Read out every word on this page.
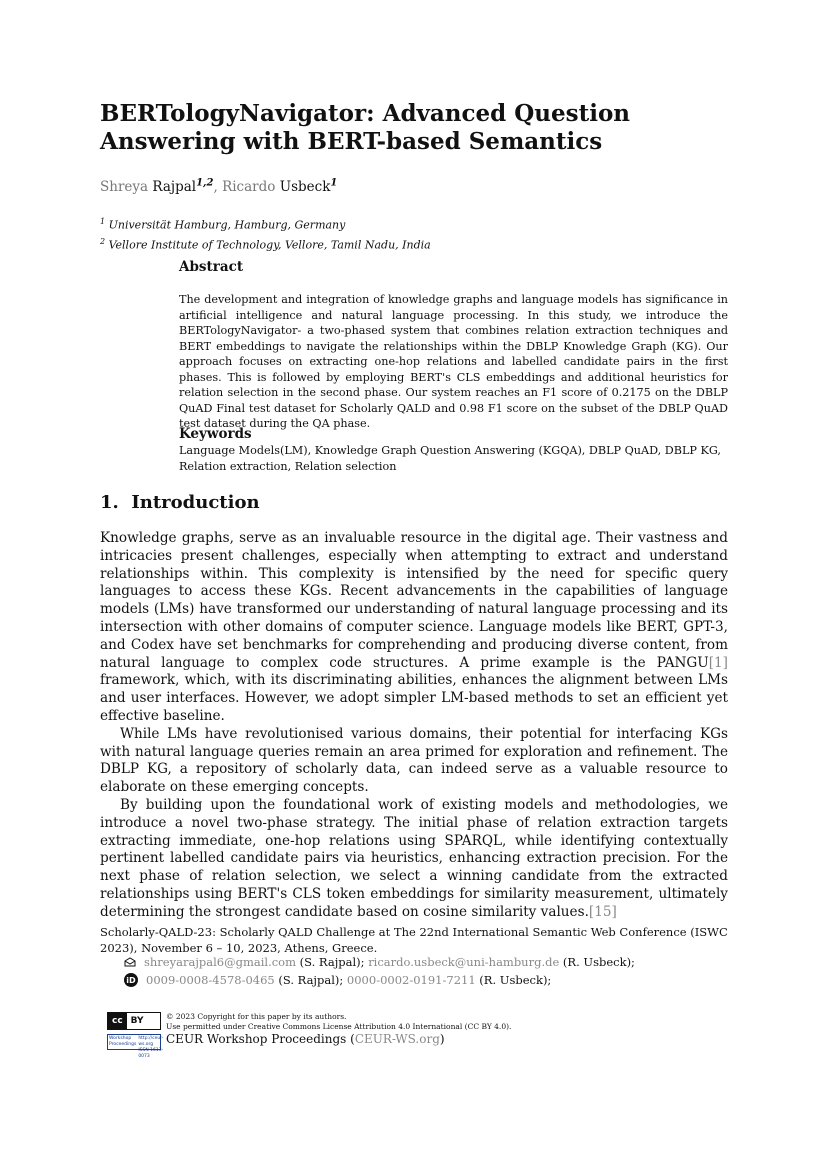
BERTologyNavigator: Advanced Question Answering with BERT-based Semantics
Shreya Rajpal$^{1,2}$, Ricardo Usbeck$^1$
$^1$ Universität Hamburg, Hamburg, Germany
$^2$ Vellore Institute of Technology, Vellore, Tamil Nadu, India
Abstract
The development and integration of knowledge graphs and language models has significance in artificial intelligence and natural language processing. In this study, we introduce the BERTologyNavigator- a two-phased system that combines relation extraction techniques and BERT embeddings to navigate the relationships within the DBLP Knowledge Graph (KG). Our approach focuses on extracting one-hop relations and labelled candidate pairs in the first phases. This is followed by employing BERT's CLS embeddings and additional heuristics for relation selection in the second phase. Our system reaches an F1 score of 0.2175 on the DBLP QuAD Final test dataset for Scholarly QALD and 0.98 F1 score on the subset of the DBLP QuAD test dataset during the QA phase.
Keywords
Language Models(LM), Knowledge Graph Question Answering (KGQA), DBLP QuAD, DBLP KG, Relation extraction, Relation selection
1. Introduction

Knowledge graphs, serve as an invaluable resource in the digital age. Their vastness and intricacies present challenges, especially when attempting to extract and understand relationships within. This complexity is intensified by the need for specific query languages to access these KGs. Recent advancements in the capabilities of language models (LMs) have transformed our understanding of natural language processing and its intersection with other domains of computer science. Language models like BERT, GPT-3, and Codex have set benchmarks for comprehending and producing diverse content, from natural language to complex code structures. A prime example is the PANGU[1] framework, which, with its discriminating abilities, enhances the alignment between LMs and user interfaces. However, we adopt simpler LM-based methods to set an efficient yet effective baseline.

While LMs have revolutionised various domains, their potential for interfacing KGs with natural language queries remain an area primed for exploration and refinement. The DBLP KG, a repository of scholarly data, can indeed serve as a valuable resource to elaborate on these emerging concepts.

By building upon the foundational work of existing models and methodologies, we introduce a novel two-phase strategy. The initial phase of relation extraction targets extracting immediate, one-hop relations using SPARQL, while identifying contextually pertinent labelled candidate pairs via heuristics, enhancing extraction precision. For the next phase of relation selection, we select a winning candidate from the extracted relationships using BERT's CLS token embeddings for similarity measurement, ultimately determining the strongest candidate based on cosine similarity values.[15]

Scholarly-QALD-23: Scholarly QALD Challenge at The 22nd International Semantic Web Conference (ISWC 2023), November 6 – 10, 2023, Athens, Greece.
shreyarajpal6@gmail.com (S. Rajpal); ricardo.usbeck@uni-hamburg.de (R. Usbeck);
iD 0009-0008-4578-0465 (S. Rajpal); 0000-0002-0191-7211 (R. Usbeck);
cc BY
Workshop Proceedings
http://ceur-ws.org ISSN 1613-0073
© 2023 Copyright for this paper by its authors.
Use permitted under Creative Commons License Attribution 4.0 International (CC BY 4.0).
CEUR Workshop Proceedings (CEUR-WS.org)
